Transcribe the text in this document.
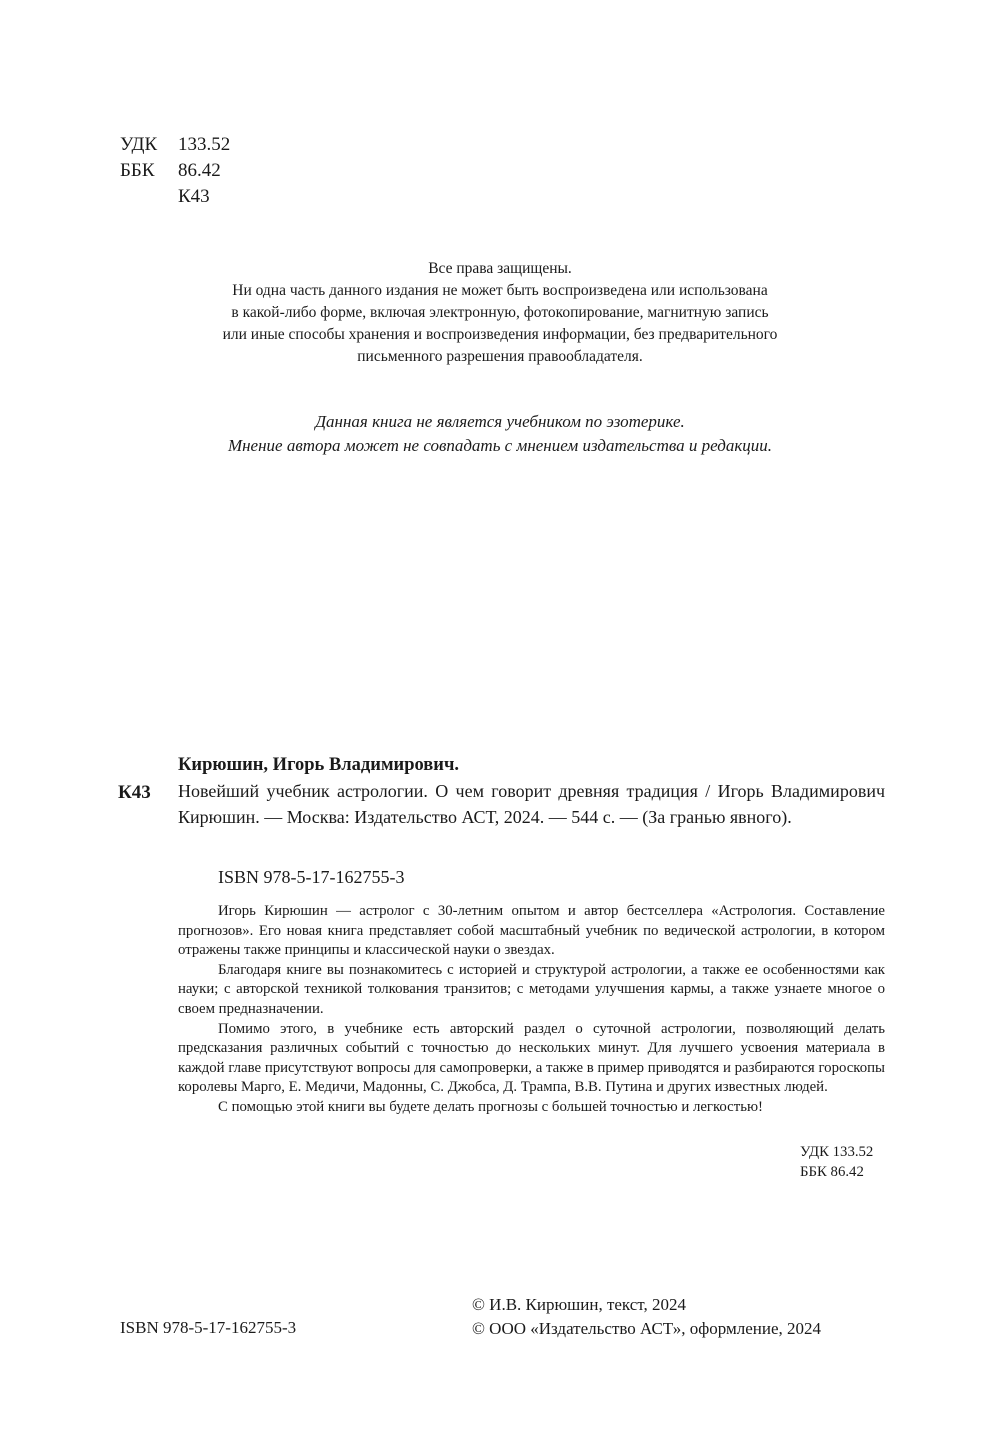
УДК 133.52
ББК 86.42
К43
Все права защищены.
Ни одна часть данного издания не может быть воспроизведена или использована
в какой-либо форме, включая электронную, фотокопирование, магнитную запись
или иные способы хранения и воспроизведения информации, без предварительного
письменного разрешения правообладателя.
Данная книга не является учебником по эзотерике.
Мнение автора может не совпадать с мнением издательства и редакции.
Кирюшин, Игорь Владимирович.
К43 Новейший учебник астрологии. О чем говорит древняя традиция / Игорь Владимирович Кирюшин. — Москва: Издательство АСТ, 2024. — 544 с. — (За гранью явного).

ISBN 978-5-17-162755-3

Игорь Кирюшин — астролог с 30-летним опытом и автор бестселлера «Астрология. Составление прогнозов». Его новая книга представляет собой масштабный учебник по ведической астрологии, в котором отражены также принципы и классической науки о звездах.

Благодаря книге вы познакомитесь с историей и структурой астрологии, а также ее особенностями как науки; с авторской техникой толкования транзитов; с методами улучшения кармы, а также узнаете многое о своем предназначении.

Помимо этого, в учебнике есть авторский раздел о суточной астрологии, позволяющий делать предсказания различных событий с точностью до нескольких минут. Для лучшего усвоения материала в каждой главе присутствуют вопросы для самопроверки, а также в пример приводятся и разбираются гороскопы королевы Марго, Е. Медичи, Мадонны, С. Джобса, Д. Трампа, В.В. Путина и других известных людей.

С помощью этой книги вы будете делать прогнозы с большей точностью и легкостью!

УДК 133.52
ББК 86.42
ISBN 978-5-17-162755-3
© И.В. Кирюшин, текст, 2024
© ООО «Издательство АСТ», оформление, 2024
